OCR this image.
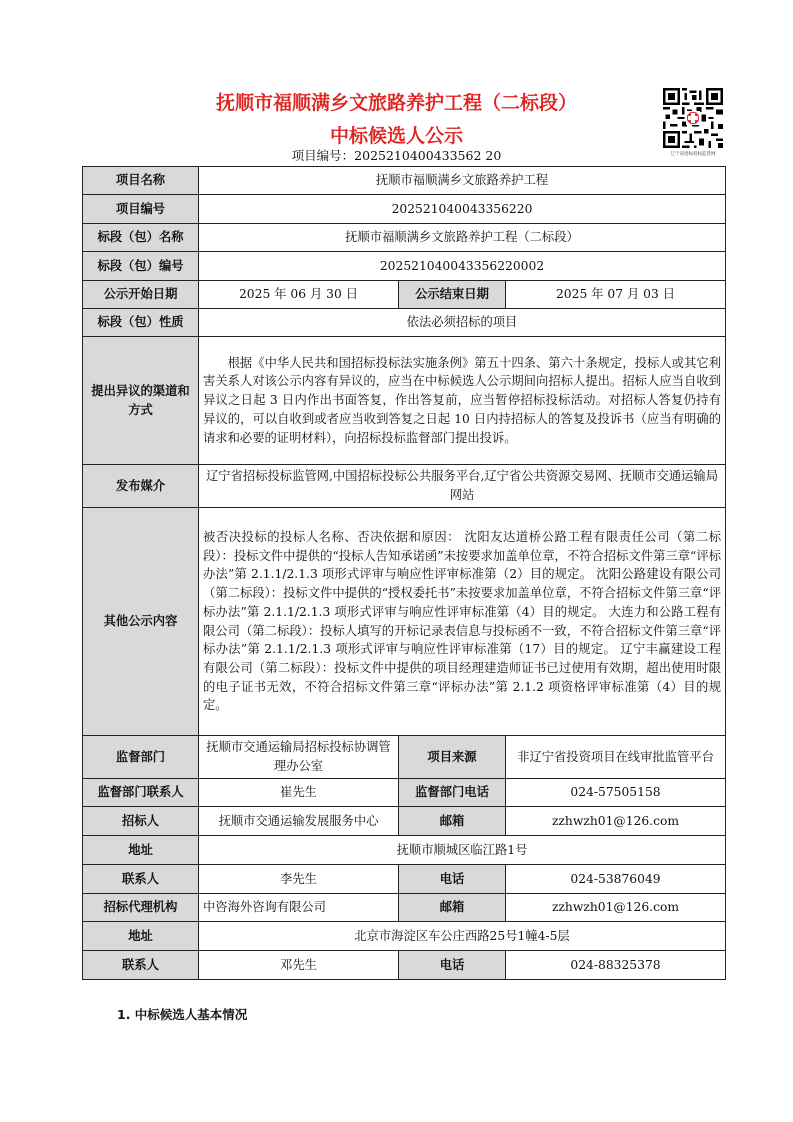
抚顺市福顺满乡文旅路养护工程（二标段）
中标候选人公示
项目编号：2025210400433562 20	辽宁省招标投标监管网
项目名称	抚顺市福顺满乡文旅路养护工程		
项目编号	202521040043356220		
标段（包）名称	抚顺市福顺满乡文旅路养护工程（二标段）		
标段（包）编号	202521040043356220002		
公示开始日期	2025 年 06 月 30 日	公示结束日期	2025 年 07 月 03 日
标段（包）性质	依法必须招标的项目		
提出异议的渠道和方式	根据《中华人民共和国招标投标法实施条例》第五十四条、第六十条规定，投标人或其它利害关系人对该公示内容有异议的，应当在中标候选人公示期间向招标人提出。招标人应当自收到异议之日起 3 日内作出书面答复，作出答复前，应当暂停招标投标活动。对招标人答复仍持有异议的，可以自收到或者应当收到答复之日起 10 日内持招标人的答复及投诉书（应当有明确的请求和必要的证明材料），向招标投标监督部门提出投诉。		
发布媒介	辽宁省招标投标监管网,中国招标投标公共服务平台,辽宁省公共资源交易网、抚顺市交通运输局网站		
其他公示内容	被否决投标的投标人名称、否决依据和原因： 沈阳友达道桥公路工程有限责任公司（第二标段）：投标文件中提供的“投标人告知承诺函”未按要求加盖单位章，不符合招标文件第三章“评标办法”第 2.1.1/2.1.3 项形式评审与响应性评审标准第（2）目的规定。 沈阳公路建设有限公司（第二标段）：投标文件中提供的“授权委托书”未按要求加盖单位章，不符合招标文件第三章“评标办法”第 2.1.1/2.1.3 项形式评审与响应性评审标准第（4）目的规定。 大连力和公路工程有限公司（第二标段）：投标人填写的开标记录表信息与投标函不一致，不符合招标文件第三章“评标办法”第 2.1.1/2.1.3 项形式评审与响应性评审标准第（17）目的规定。 辽宁丰赢建设工程有限公司（第二标段）：投标文件中提供的项目经理建造师证书已过使用有效期，超出使用时限的电子证书无效，不符合招标文件第三章“评标办法”第 2.1.2 项资格评审标准第（4）目的规定。		
监督部门	抚顺市交通运输局招标投标协调管理办公室	项目来源	非辽宁省投资项目在线审批监管平台
监督部门联系人	崔先生	监督部门电话	024-57505158
招标人	抚顺市交通运输发展服务中心	邮箱	zzhwzh01@126.com
地址	抚顺市顺城区临江路1号		
联系人	李先生	电话	024-53876049
招标代理机构	中咨海外咨询有限公司	邮箱	zzhwzh01@126.com
地址	北京市海淀区车公庄西路25号1幢4-5层		
联系人	邓先生	电话	024-88325378
1. 中标候选人基本情况
